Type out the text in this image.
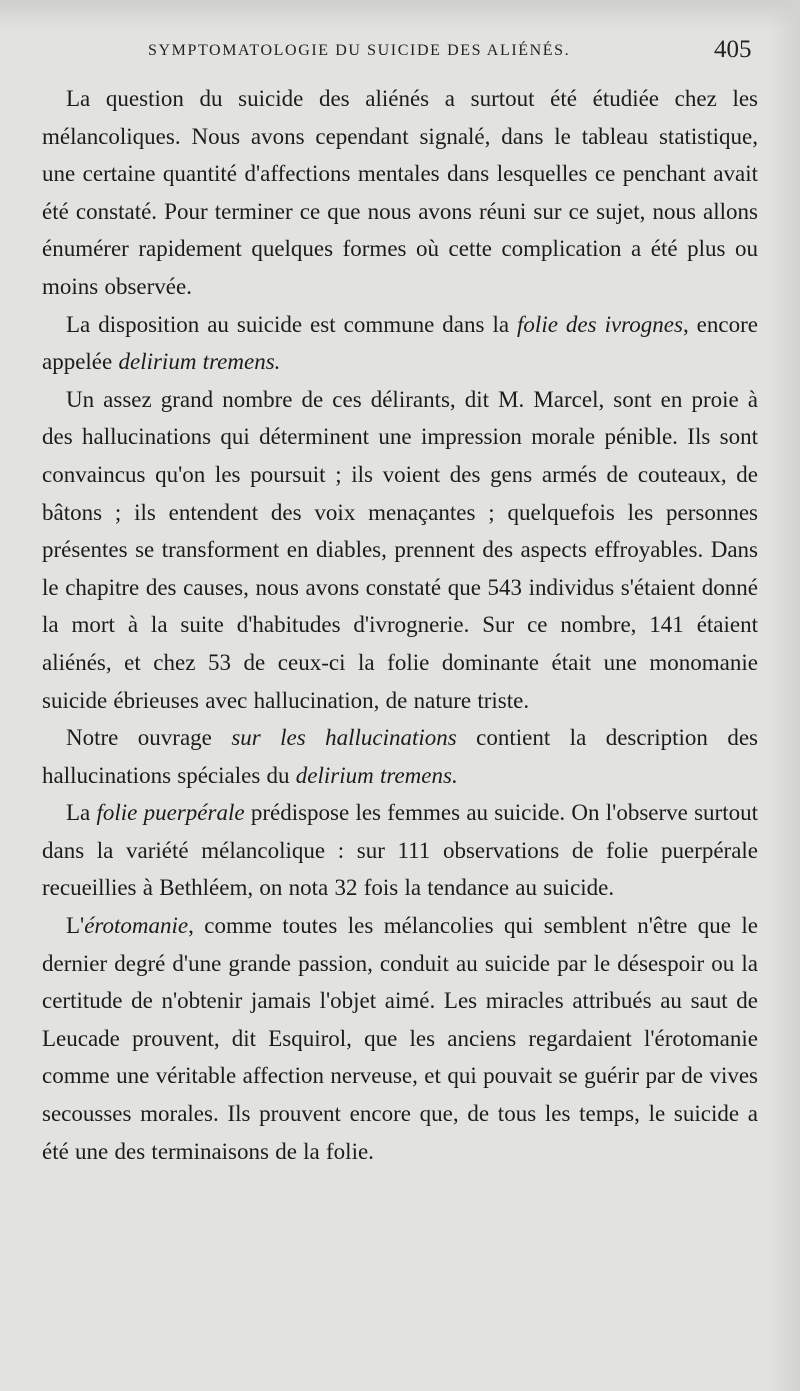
SYMPTOMATOLOGIE DU SUICIDE DES ALIÉNÉS.	405

La question du suicide des aliénés a surtout été étudiée chez les mélancoliques. Nous avons cependant signalé, dans le tableau statistique, une certaine quantité d'affections mentales dans lesquelles ce penchant avait été constaté. Pour terminer ce que nous avons réuni sur ce sujet, nous allons énumérer rapidement quelques formes où cette complication a été plus ou moins observée.

La disposition au suicide est commune dans la folie des ivrognes, encore appelée delirium tremens.

Un assez grand nombre de ces délirants, dit M. Marcel, sont en proie à des hallucinations qui déterminent une impression morale pénible. Ils sont convaincus qu'on les poursuit ; ils voient des gens armés de couteaux, de bâtons ; ils entendent des voix menaçantes ; quelquefois les personnes présentes se transforment en diables, prennent des aspects effroyables. Dans le chapitre des causes, nous avons constaté que 543 individus s'étaient donné la mort à la suite d'habitudes d'ivrognerie. Sur ce nombre, 141 étaient aliénés, et chez 53 de ceux-ci la folie dominante était une monomanie suicide ébrieuses avec hallucination, de nature triste.

Notre ouvrage sur les hallucinations contient la description des hallucinations spéciales du delirium tremens.

La folie puerpérale prédispose les femmes au suicide. On l'observe surtout dans la variété mélancolique : sur 111 observations de folie puerpérale recueillies à Bethléem, on nota 32 fois la tendance au suicide.

L'érotomanie, comme toutes les mélancolies qui semblent n'être que le dernier degré d'une grande passion, conduit au suicide par le désespoir ou la certitude de n'obtenir jamais l'objet aimé. Les miracles attribués au saut de Leucade prouvent, dit Esquirol, que les anciens regardaient l'érotomanie comme une véritable affection nerveuse, et qui pouvait se guérir par de vives secousses morales. Ils prouvent encore que, de tous les temps, le suicide a été une des terminaisons de la folie.
